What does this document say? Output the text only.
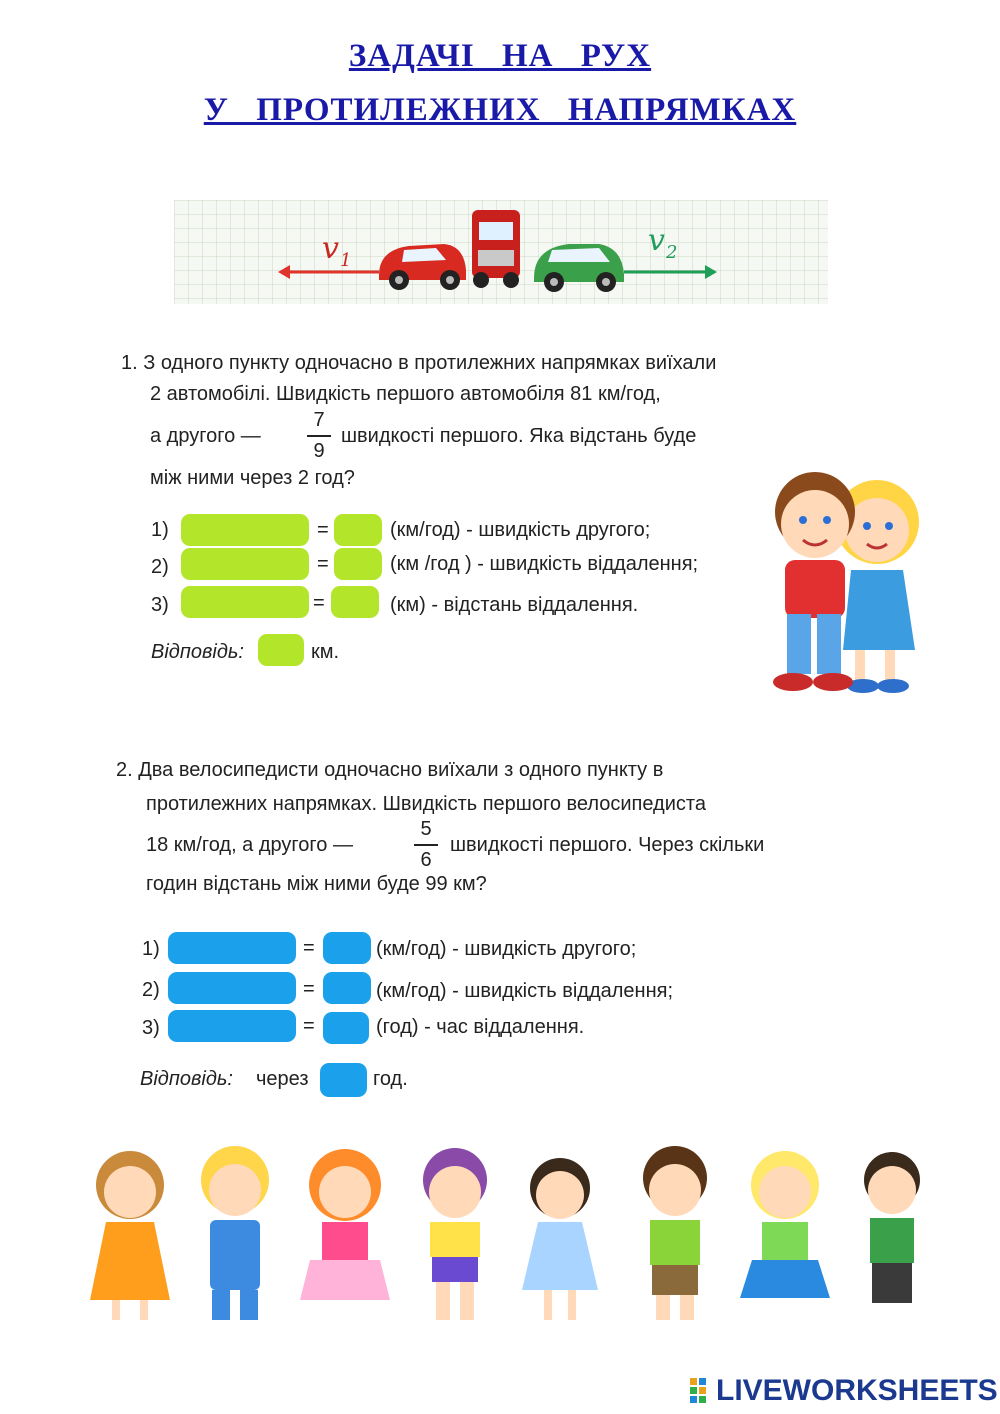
ЗАДАЧІ НА РУХ
У ПРОТИЛЕЖНИХ НАПРЯМКАХ
v 1
v 2
1. З одного пункту одночасно в протилежних напрямках виїхали
2 автомобілі. Швидкість першого автомобіля 81 км/год,
а другого —
7
9
швидкості першого. Яка відстань буде
між ними через 2 год?
1)	=	(км/год) - швидкість другого;
2)	=	(км /год ) - швидкість віддалення;
3)	=	(км) - відстань віддалення.
Відповідь:	км.
2. Два велосипедисти одночасно виїхали з одного пункту в
протилежних напрямках. Швидкість першого велосипедиста
18 км/год, а другого —
5
6
швидкості першого. Через скільки
годин відстань між ними буде 99 км?
1)	=	(км/год) - швидкість другого;
2)	=	(км/год) - швидкість віддалення;
3)	=	(год) - час віддалення.
Відповідь: через	год.
LIVEWORKSHEETS
